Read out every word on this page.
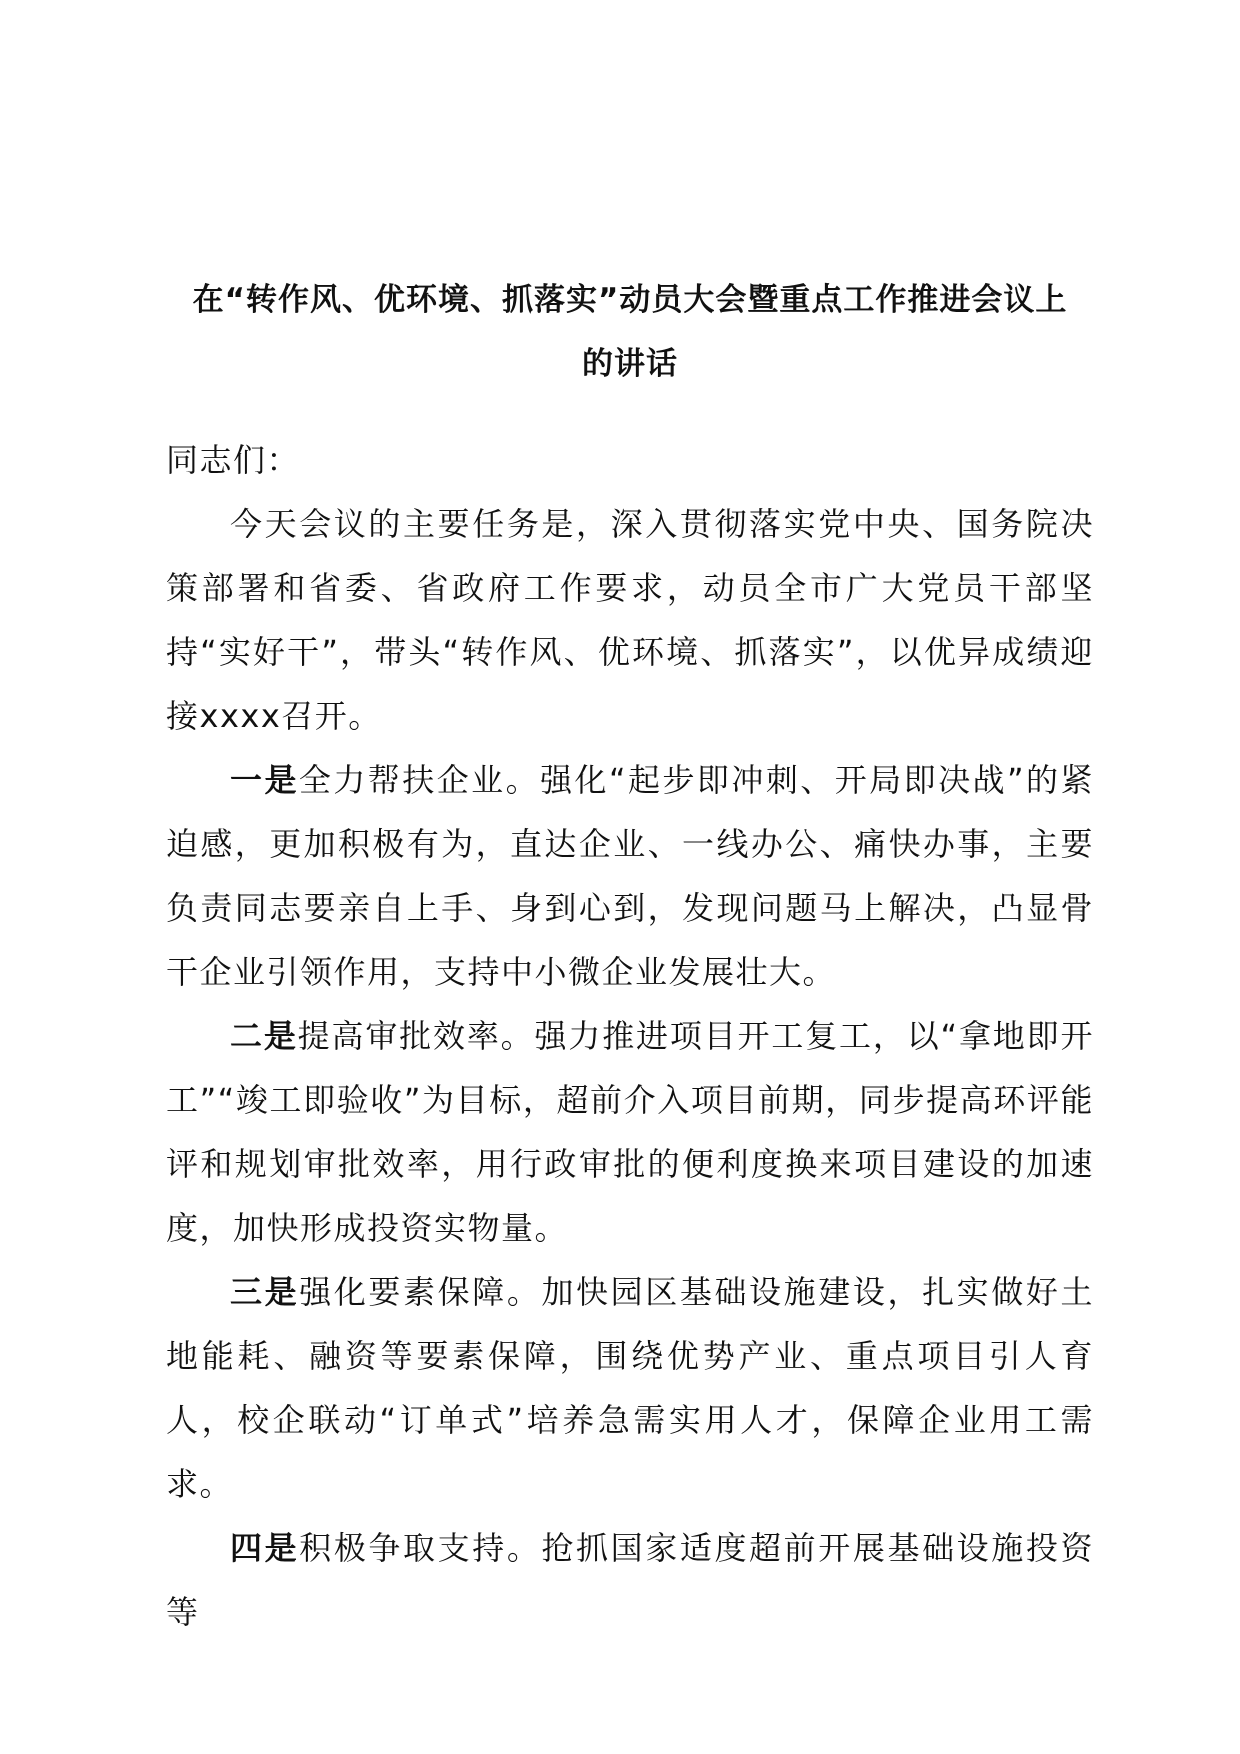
在“转作风、优环境、抓落实”动员大会暨重点工作推进会议上
的讲话

同志们：

今天会议的主要任务是，深入贯彻落实党中央、国务院决策部署和省委、省政府工作要求，动员全市广大党员干部坚持“实好干”，带头“转作风、优环境、抓落实”，以优异成绩迎接xxxx召开。

一是全力帮扶企业。强化“起步即冲刺、开局即决战”的紧迫感，更加积极有为，直达企业、一线办公、痛快办事，主要负责同志要亲自上手、身到心到，发现问题马上解决，凸显骨干企业引领作用，支持中小微企业发展壮大。

二是提高审批效率。强力推进项目开工复工，以“拿地即开工”“竣工即验收”为目标，超前介入项目前期，同步提高环评能评和规划审批效率，用行政审批的便利度换来项目建设的加速度，加快形成投资实物量。

三是强化要素保障。加快园区基础设施建设，扎实做好土地能耗、融资等要素保障，围绕优势产业、重点项目引人育人，校企联动“订单式”培养急需实用人才，保障企业用工需求。

四是积极争取支持。抢抓国家适度超前开展基础设施投资等
